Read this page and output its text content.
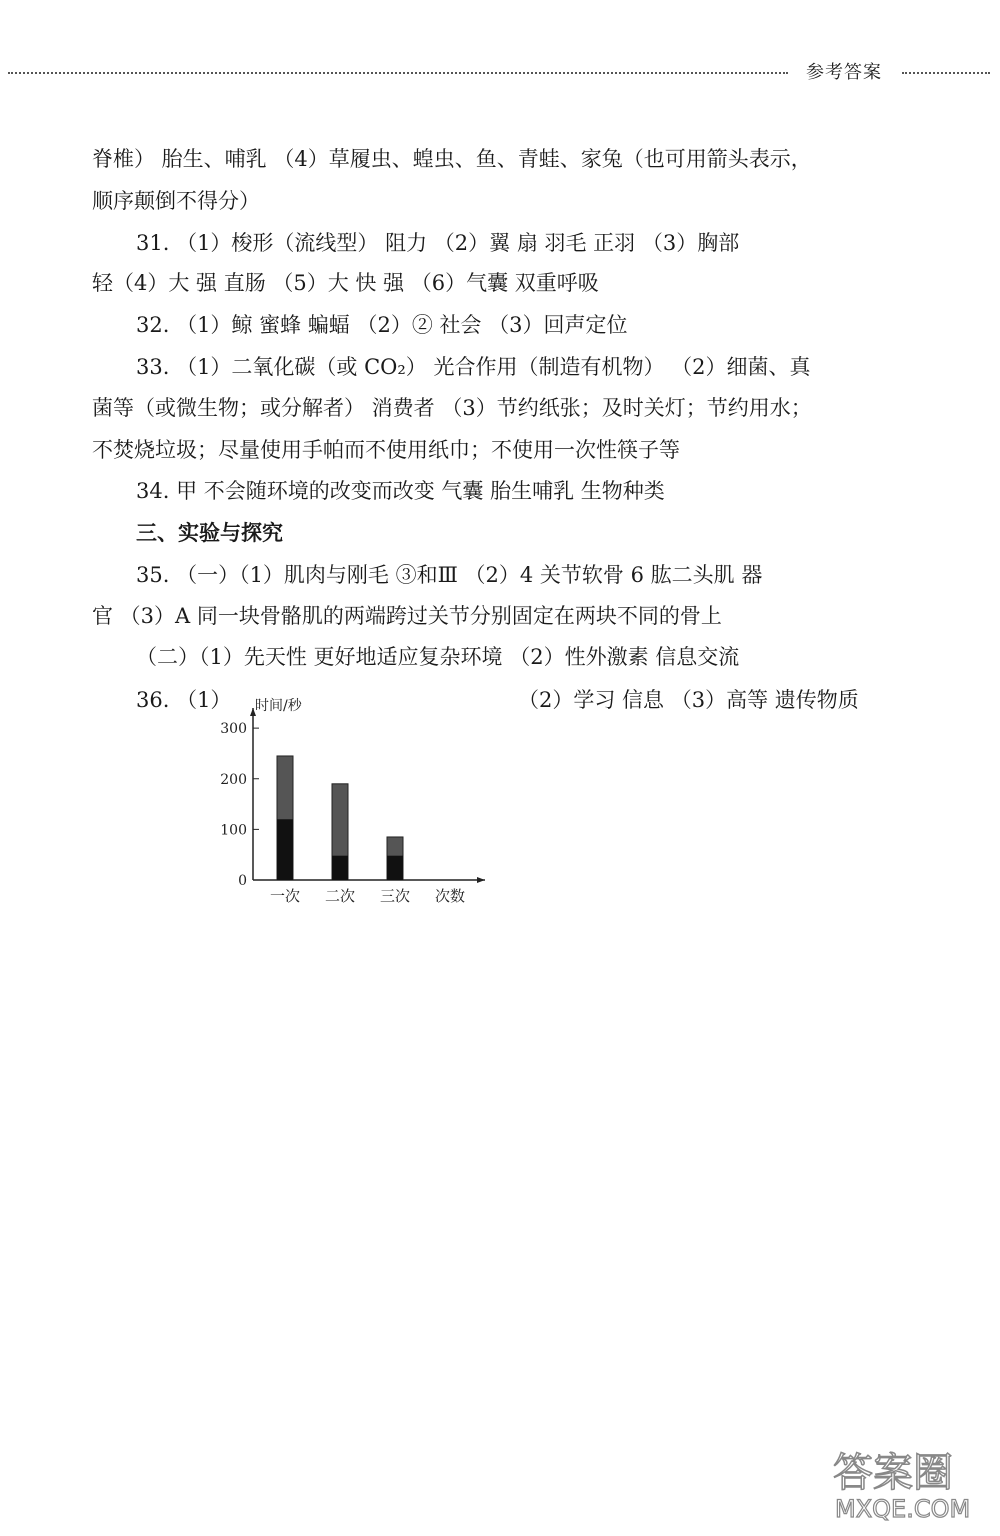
参考答案
脊椎） 胎生、哺乳 （4）草履虫、蝗虫、鱼、青蛙、家兔（也可用箭头表示，
顺序颠倒不得分）
31. （1）梭形（流线型） 阻力 （2）翼 扇 羽毛 正羽 （3）胸部
轻（4）大 强 直肠 （5）大 快 强 （6）气囊 双重呼吸
32. （1）鲸 蜜蜂 蝙蝠 （2）② 社会 （3）回声定位
33. （1）二氧化碳（或 CO₂） 光合作用（制造有机物） （2）细菌、真
菌等（或微生物；或分解者） 消费者 （3）节约纸张；及时关灯；节约用水；
不焚烧垃圾；尽量使用手帕而不使用纸巾；不使用一次性筷子等
34. 甲 不会随环境的改变而改变 气囊 胎生哺乳 生物种类
三、实验与探究
35. （一）（1）肌肉与刚毛 ③和Ⅲ （2）4 关节软骨 6 肱二头肌 器
官 （3）A 同一块骨骼肌的两端跨过关节分别固定在两块不同的骨上
（二）（1）先天性 更好地适应复杂环境 （2）性外激素 信息交流
36. （1）	（2）学习 信息 （3）高等 遗传物质
0
100
200
300
时间/秒
一次 二次 三次 次数
答案圈
MXQE.COM
